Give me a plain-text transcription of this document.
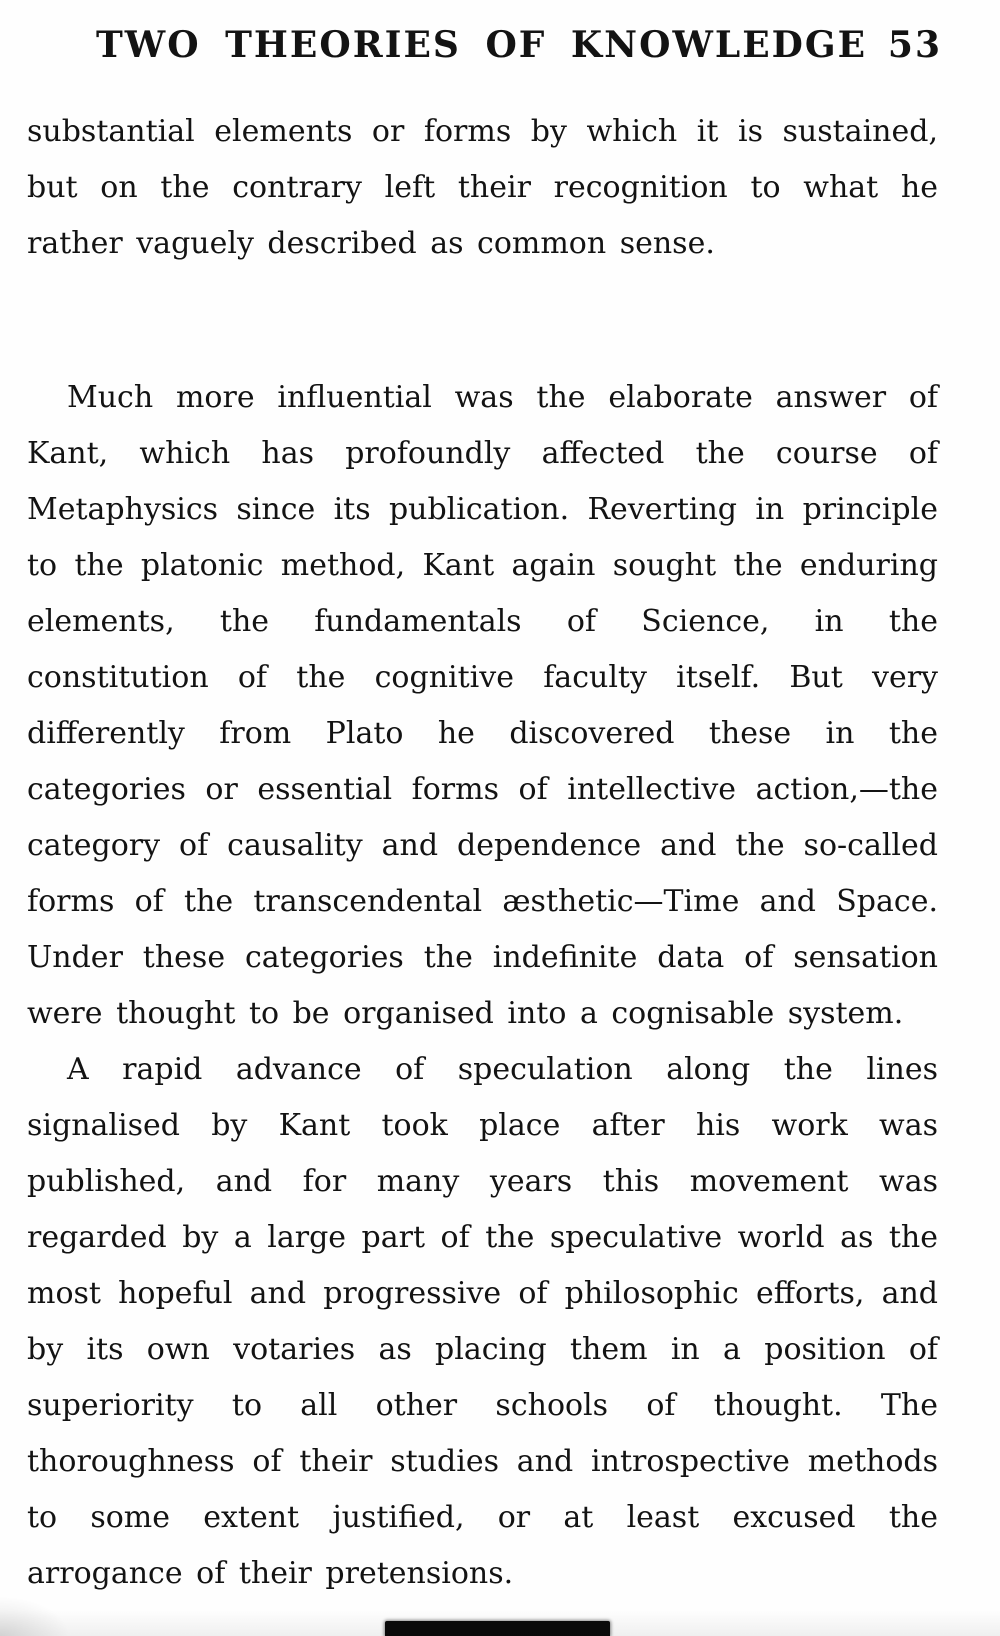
TWO THEORIES OF KNOWLEDGE 53

substantial elements or forms by which it is sustained, but on the contrary left their recognition to what he rather vaguely described as common sense.

Much more influential was the elaborate answer of Kant, which has profoundly affected the course of Metaphysics since its publication. Reverting in principle to the platonic method, Kant again sought the enduring elements, the fundamentals of Science, in the constitution of the cognitive faculty itself. But very differently from Plato he discovered these in the categories or essential forms of intellective action,—the category of causality and dependence and the so-called forms of the transcendental æsthetic—Time and Space. Under these categories the indefinite data of sensation were thought to be organised into a cognisable system.

A rapid advance of speculation along the lines signalised by Kant took place after his work was published, and for many years this movement was regarded by a large part of the speculative world as the most hopeful and progressive of philosophic efforts, and by its own votaries as placing them in a position of superiority to all other schools of thought. The thoroughness of their studies and introspective methods to some extent justified, or at least excused the arrogance of their pretensions.
